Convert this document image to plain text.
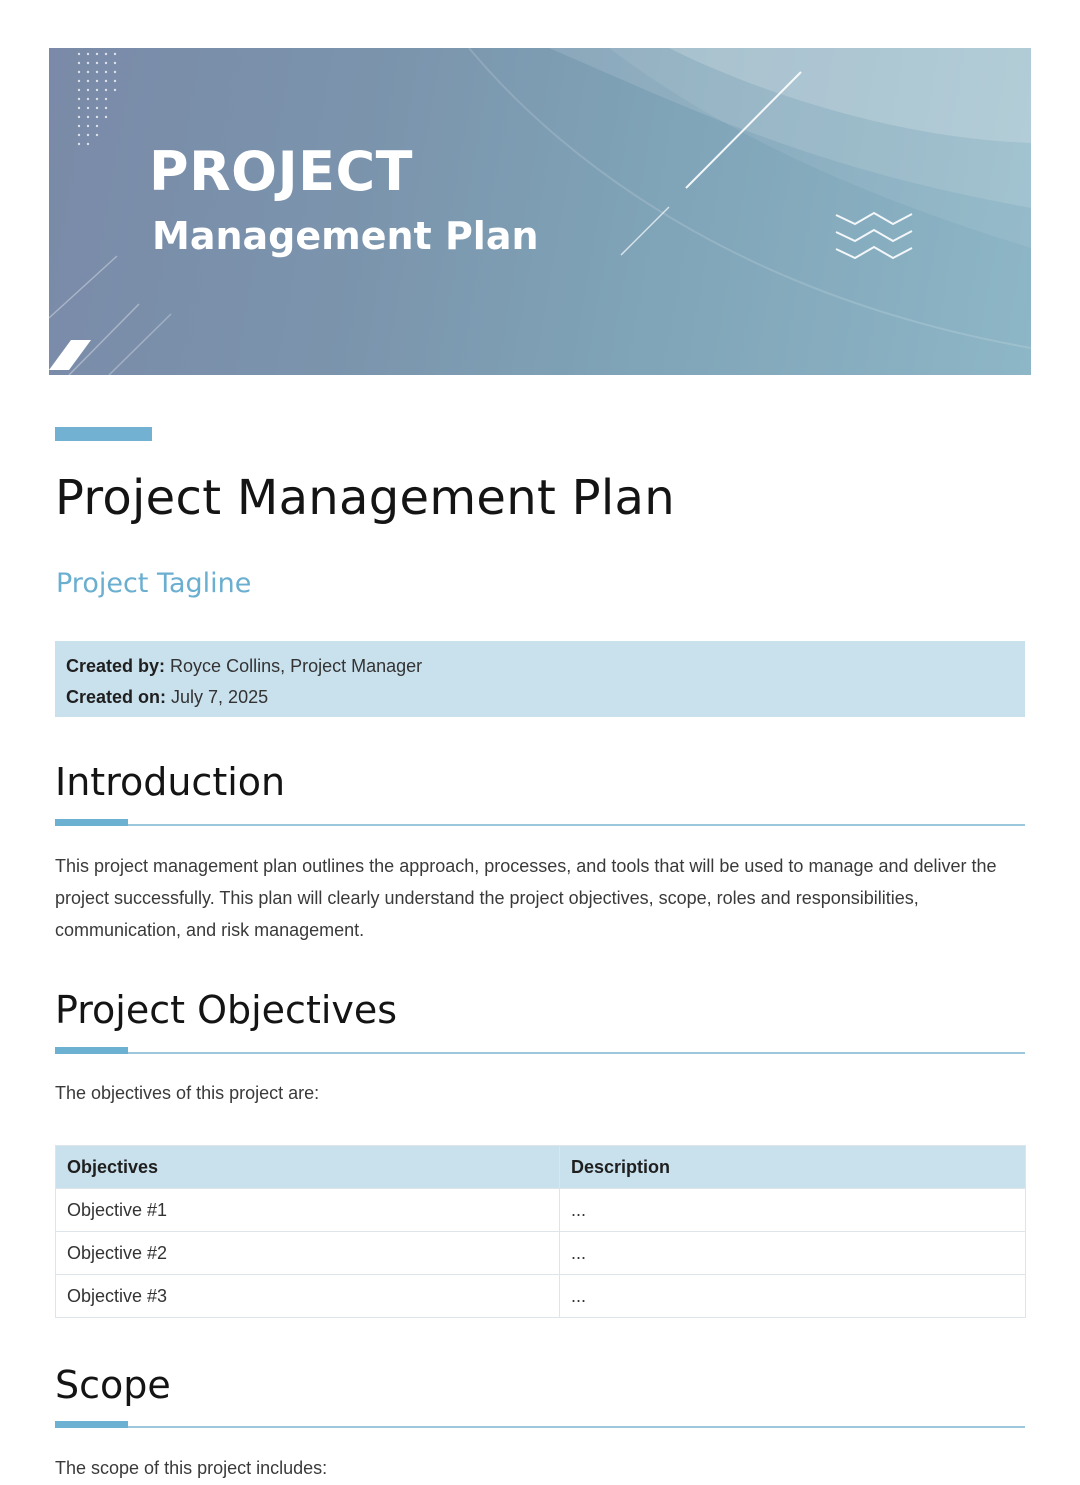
PROJECT
Management Plan
Project Management Plan

Project Tagline

Created by: Royce Collins, Project Manager
Created on: July 7, 2025
Introduction

This project management plan outlines the approach, processes, and tools that will be used to manage and deliver the project successfully. This plan will clearly understand the project objectives, scope, roles and responsibilities, communication, and risk management.

Project Objectives

The objectives of this project are:

Objectives	Description
Objective #1	...
Objective #2	...
Objective #3	...
Scope

The scope of this project includes:
